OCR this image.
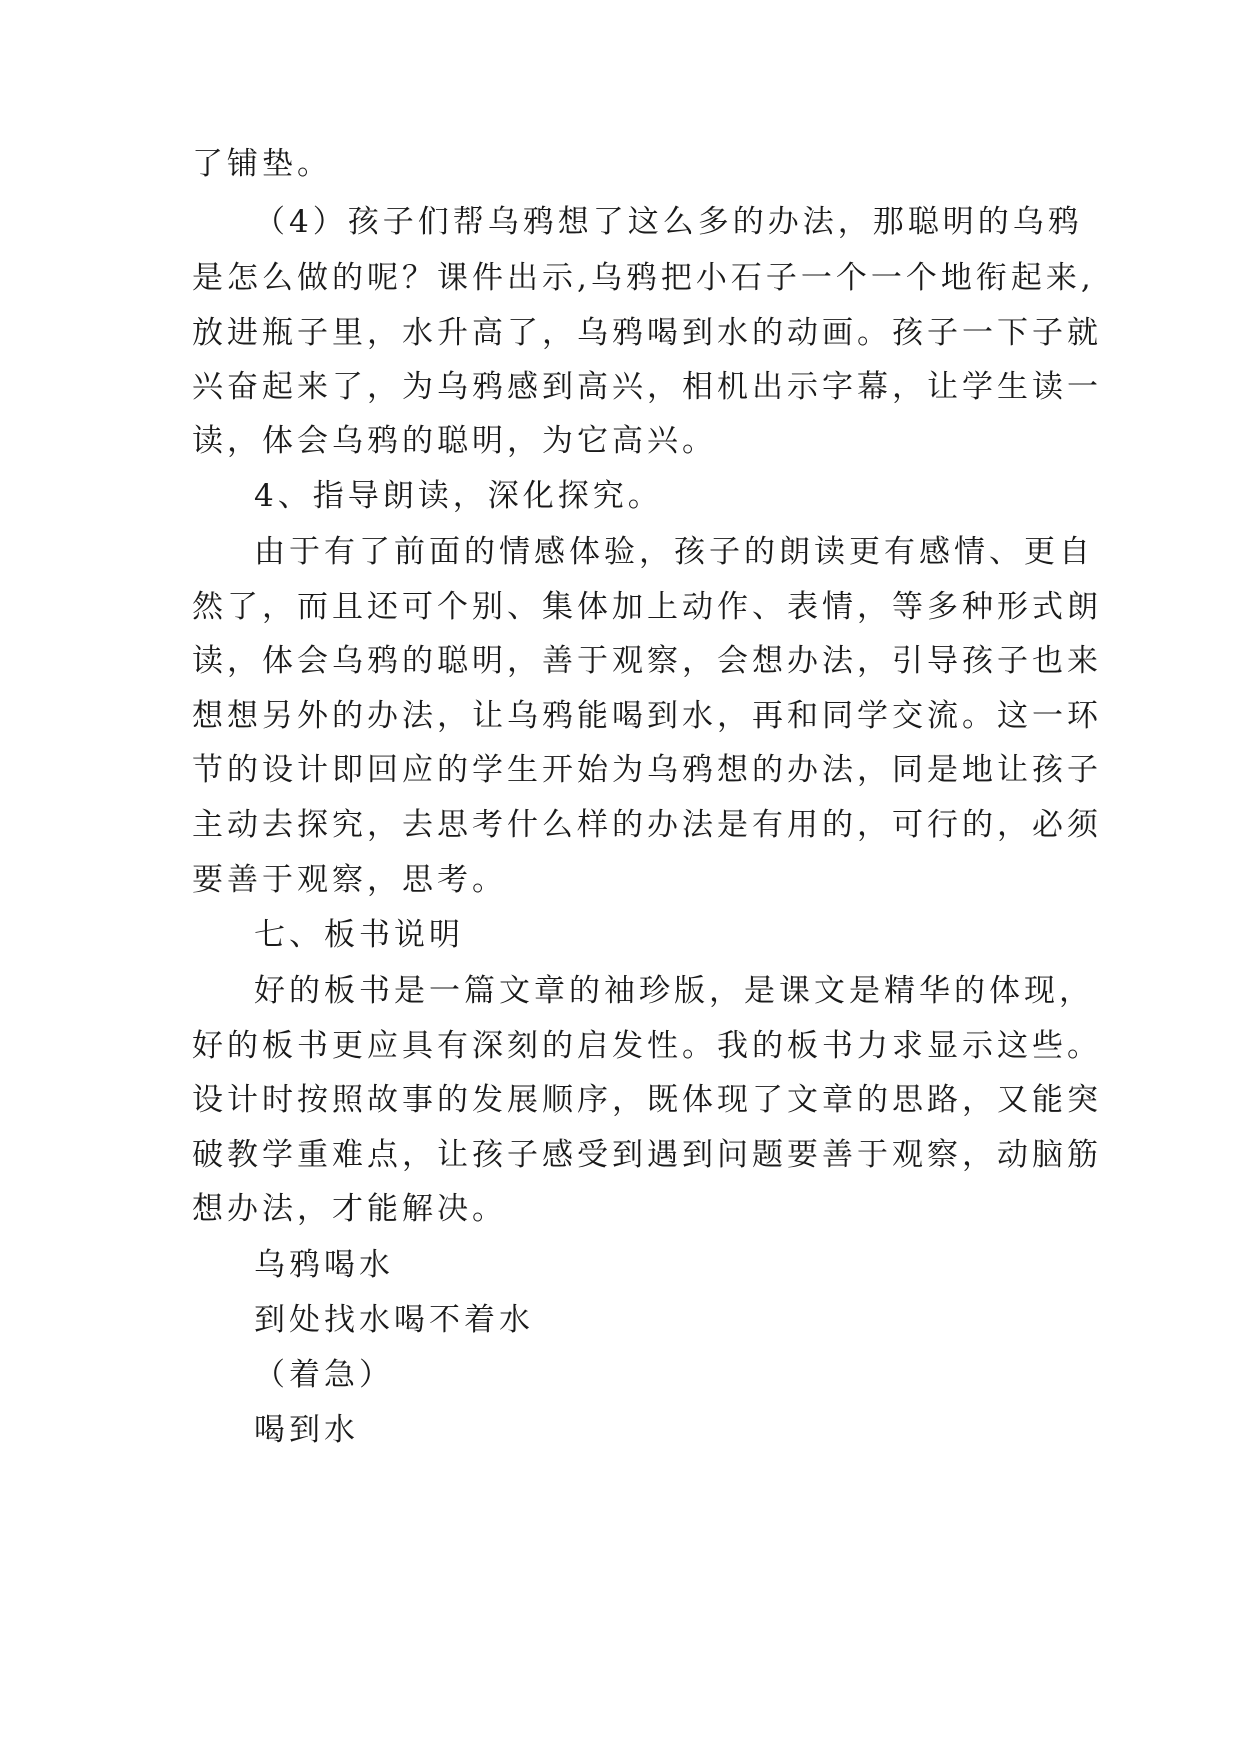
了铺垫。
（4）孩子们帮乌鸦想了这么多的办法，那聪明的乌鸦
是怎么做的呢？课件出示,乌鸦把小石子一个一个地衔起来,
放进瓶子里，水升高了，乌鸦喝到水的动画。孩子一下子就
兴奋起来了，为乌鸦感到高兴，相机出示字幕，让学生读一
读，体会乌鸦的聪明，为它高兴。
4、指导朗读，深化探究。
由于有了前面的情感体验，孩子的朗读更有感情、更自
然了，而且还可个别、集体加上动作、表情，等多种形式朗
读，体会乌鸦的聪明，善于观察，会想办法，引导孩子也来
想想另外的办法，让乌鸦能喝到水，再和同学交流。这一环
节的设计即回应的学生开始为乌鸦想的办法，同是地让孩子
主动去探究，去思考什么样的办法是有用的，可行的，必须
要善于观察，思考。
七、板书说明
好的板书是一篇文章的袖珍版，是课文是精华的体现，
好的板书更应具有深刻的启发性。我的板书力求显示这些。
设计时按照故事的发展顺序，既体现了文章的思路，又能突
破教学重难点，让孩子感受到遇到问题要善于观察，动脑筋
想办法，才能解决。
乌鸦喝水
到处找水喝不着水
（着急）
喝到水
